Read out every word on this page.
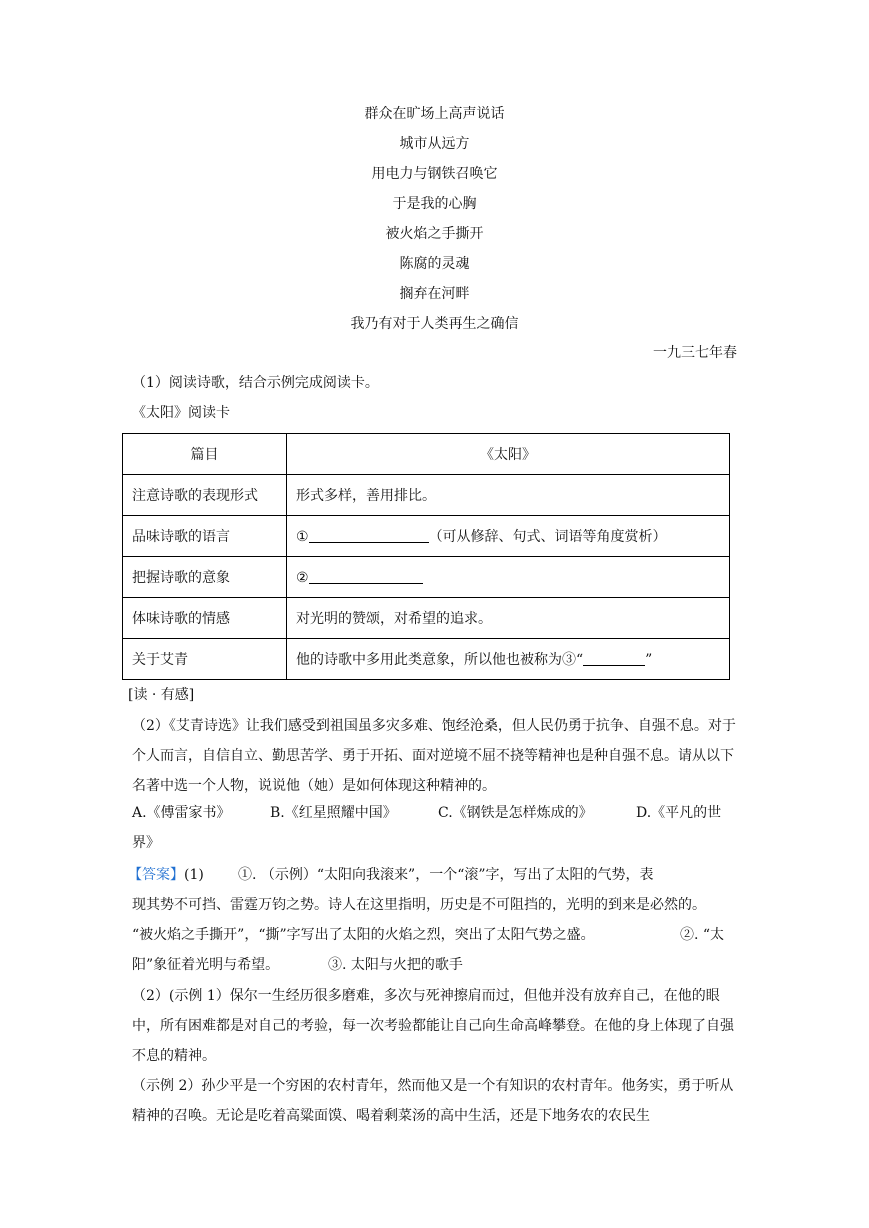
群众在旷场上高声说话
城市从远方
用电力与钢铁召唤它
于是我的心胸
被火焰之手撕开
陈腐的灵魂
搁弃在河畔
我乃有对于人类再生之确信
一九三七年春
（1）阅读诗歌，结合示例完成阅读卡。
《太阳》阅读卡
篇目	《太阳》
注意诗歌的表现形式	形式多样，善用排比。
品味诗歌的语言	① （可从修辞、句式、词语等角度赏析）
把握诗歌的意象	②
体味诗歌的情感	对光明的赞颂，对希望的追求。
关于艾青	他的诗歌中多用此类意象，所以他也被称为③“ ”
[读 · 有感]
（2）《艾青诗选》让我们感受到祖国虽多灾多难、饱经沧桑，但人民仍勇于抗争、自强不息。对于个人而言，自信自立、勤思苦学、勇于开拓、面对逆境不屈不挠等精神也是种自强不息。请从以下名著中选一个人物，说说他（她）是如何体现这种精神的。
A.《傅雷家书》	B.《红星照耀中国》	C.《钢铁是怎样炼成的》	D.《平凡的世
界》
【答案】(1) ①. （示例）“太阳向我滚来”，一个“滚”字，写出了太阳的气势，表
现其势不可挡、雷霆万钧之势。诗人在这里指明，历史是不可阻挡的，光明的到来是必然的。
“被火焰之手撕开”，“撕”字写出了太阳的火焰之烈，突出了太阳气势之盛。	②. “太
阳”象征着光明与希望。	③. 太阳与火把的歌手
（2）(示例 1）保尔一生经历很多磨难，多次与死神擦肩而过，但他并没有放弃自己，在他的眼中，所有困难都是对自己的考验，每一次考验都能让自己向生命高峰攀登。在他的身上体现了自强不息的精神。
（示例 2）孙少平是一个穷困的农村青年，然而他又是一个有知识的农村青年。他务实，勇于听从精神的召唤。无论是吃着高粱面馍、喝着剩菜汤的高中生活，还是下地务农的农民生
